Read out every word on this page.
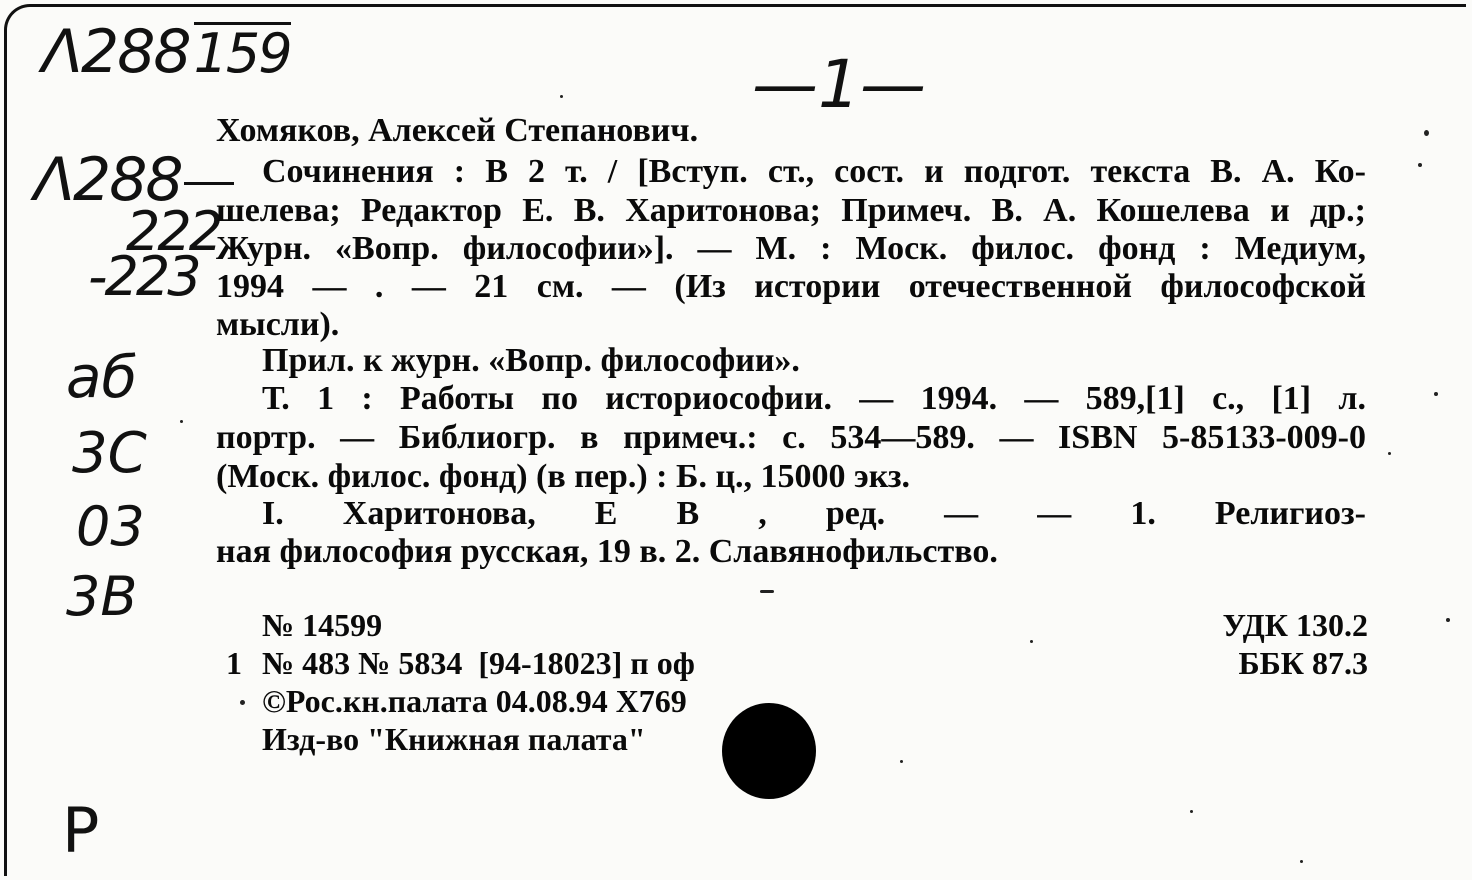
Λ288159	—1—
Λ288
222
-223
аб
3С
03
3В
Р
Хомяков, Алексей Степанович.
Сочинения : В 2 т. / [Вступ. ст., сост. и подгот. текста В. А. Ко-
шелева; Редактор Е. В. Харитонова; Примеч. В. А. Кошелева и др.;
Журн. «Вопр. философии»]. — М. : Моск. филос. фонд : Медиум,
1994 — . — 21 см. — (Из истории отечественной философской
мысли).
Прил. к журн. «Вопр. философии».
Т. 1 : Работы по историософии. — 1994. — 589,[1] с., [1] л.
портр. — Библиогр. в примеч.: с. 534—589. — ISBN 5-85133-009-0
(Моск. филос. фонд) (в пер.) : Б. ц., 15000 экз.
I. Харитонова, Е В , ред. — — 1. Религиоз-
ная философия русская, 19 в. 2. Славянофильство.
№ 14599
1 № 483 № 5834  [94-18023] п оф
©Рос.кн.палата 04.08.94 Х769
Изд-во "Книжная палата"
УДК 130.2
ББК 87.3
